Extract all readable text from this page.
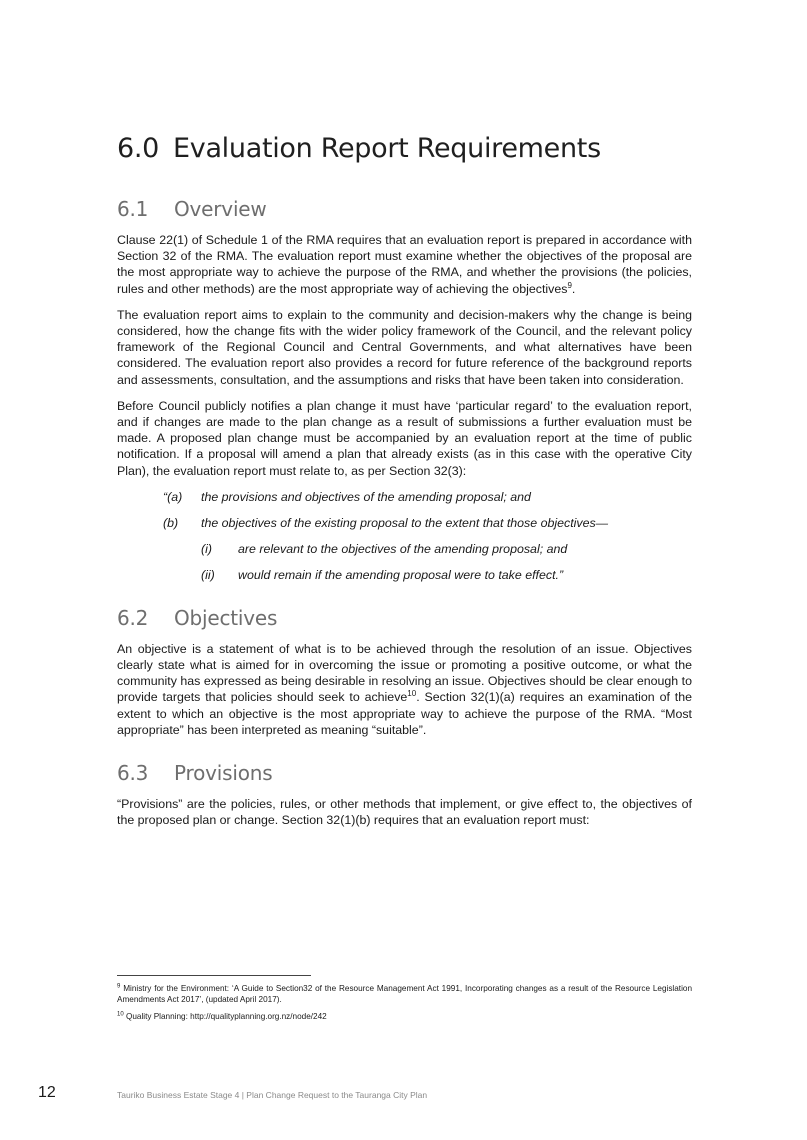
6.0 Evaluation Report Requirements
6.1 Overview

Clause 22(1) of Schedule 1 of the RMA requires that an evaluation report is prepared in accordance with Section 32 of the RMA. The evaluation report must examine whether the objectives of the proposal are the most appropriate way to achieve the purpose of the RMA, and whether the provisions (the policies, rules and other methods) are the most appropriate way of achieving the objectives$^9$.

The evaluation report aims to explain to the community and decision-makers why the change is being considered, how the change fits with the wider policy framework of the Council, and the relevant policy framework of the Regional Council and Central Governments, and what alternatives have been considered. The evaluation report also provides a record for future reference of the background reports and assessments, consultation, and the assumptions and risks that have been taken into consideration.

Before Council publicly notifies a plan change it must have ‘particular regard’ to the evaluation report, and if changes are made to the plan change as a result of submissions a further evaluation must be made. A proposed plan change must be accompanied by an evaluation report at the time of public notification. If a proposal will amend a plan that already exists (as in this case with the operative City Plan), the evaluation report must relate to, as per Section 32(3):

“(a)	the provisions and objectives of the amending proposal; and
(b)	the objectives of the existing proposal to the extent that those objectives—
(i)	are relevant to the objectives of the amending proposal; and
(ii)	would remain if the amending proposal were to take effect.”
6.2 Objectives

An objective is a statement of what is to be achieved through the resolution of an issue. Objectives clearly state what is aimed for in overcoming the issue or promoting a positive outcome, or what the community has expressed as being desirable in resolving an issue. Objectives should be clear enough to provide targets that policies should seek to achieve$^{10}$. Section 32(1)(a) requires an examination of the extent to which an objective is the most appropriate way to achieve the purpose of the RMA. “Most appropriate” has been interpreted as meaning “suitable”.

6.3 Provisions

“Provisions” are the policies, rules, or other methods that implement, or give effect to, the objectives of the proposed plan or change. Section 32(1)(b) requires that an evaluation report must:

$^9$ Ministry for the Environment: ‘A Guide to Section32 of the Resource Management Act 1991, Incorporating changes as a result of the Resource Legislation Amendments Act 2017’, (updated April 2017).

$^{10}$ Quality Planning: http://qualityplanning.org.nz/node/242

12	Tauriko Business Estate Stage 4 | Plan Change Request to the Tauranga City Plan
